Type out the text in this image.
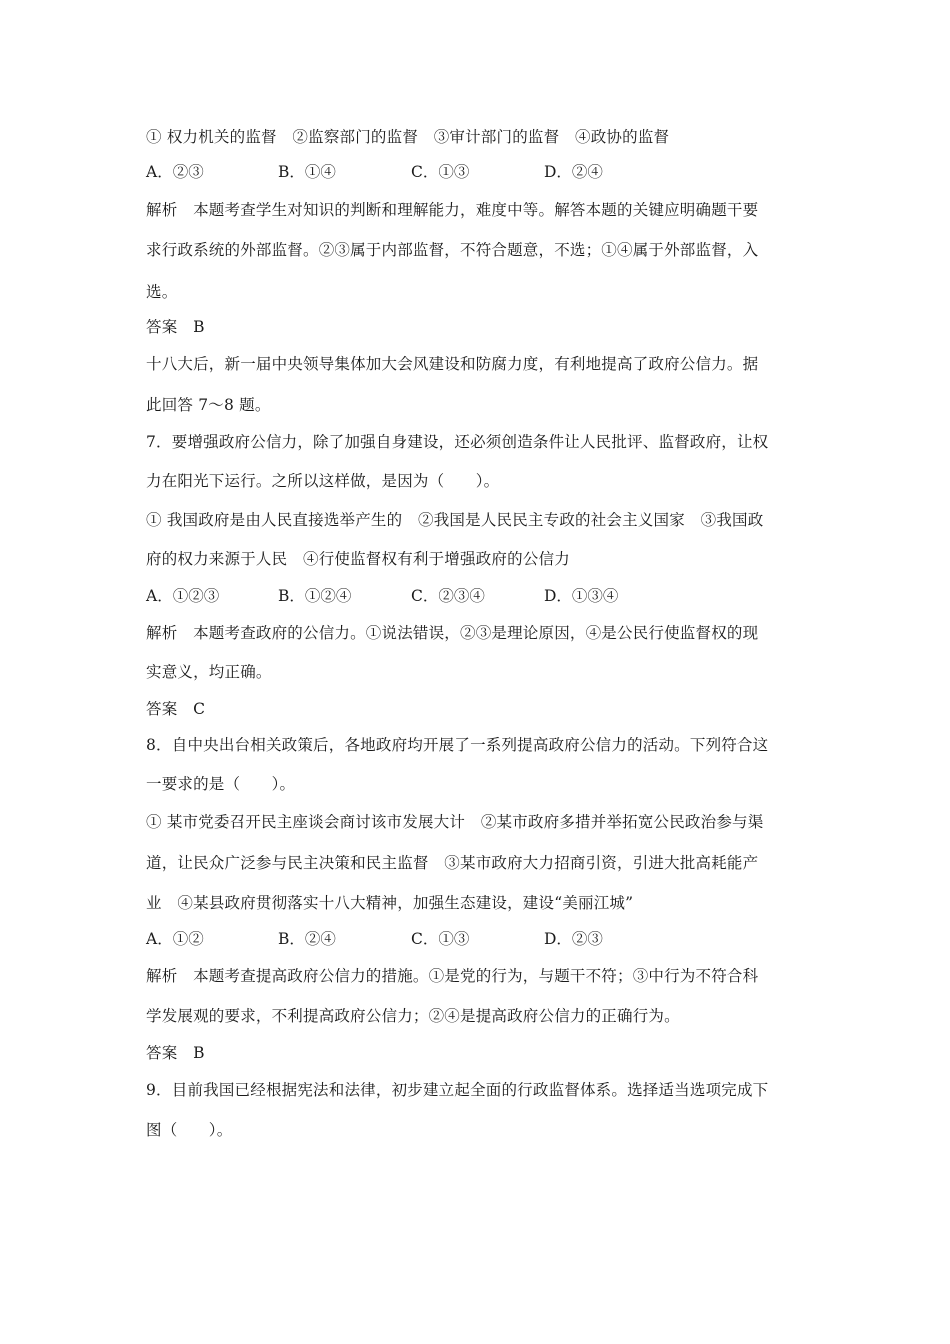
① 权力机关的监督　②监察部门的监督　③审计部门的监督　④政协的监督
A．②③	B．①④	C．①③	D．②④
解析　本题考查学生对知识的判断和理解能力，难度中等。解答本题的关键应明确题干要
求行政系统的外部监督。②③属于内部监督，不符合题意，不选；①④属于外部监督，入
选。
答案　B
十八大后，新一届中央领导集体加大会风建设和防腐力度，有利地提高了政府公信力。据
此回答 7～8 题。
7．要增强政府公信力，除了加强自身建设，还必须创造条件让人民批评、监督政府，让权
力在阳光下运行。之所以这样做，是因为（　　）。
① 我国政府是由人民直接选举产生的　②我国是人民民主专政的社会主义国家　③我国政
府的权力来源于人民　④行使监督权有利于增强政府的公信力
A．①②③	B．①②④	C．②③④	D．①③④
解析　本题考查政府的公信力。①说法错误，②③是理论原因，④是公民行使监督权的现
实意义，均正确。
答案　C
8．自中央出台相关政策后，各地政府均开展了一系列提高政府公信力的活动。下列符合这
一要求的是（　　）。
① 某市党委召开民主座谈会商讨该市发展大计　②某市政府多措并举拓宽公民政治参与渠
道，让民众广泛参与民主决策和民主监督　③某市政府大力招商引资，引进大批高耗能产
业　④某县政府贯彻落实十八大精神，加强生态建设，建设“美丽江城”
A．①②	B．②④	C．①③	D．②③
解析　本题考查提高政府公信力的措施。①是党的行为，与题干不符；③中行为不符合科
学发展观的要求，不利提高政府公信力；②④是提高政府公信力的正确行为。
答案　B
9．目前我国已经根据宪法和法律，初步建立起全面的行政监督体系。选择适当选项完成下
图（　　）。
